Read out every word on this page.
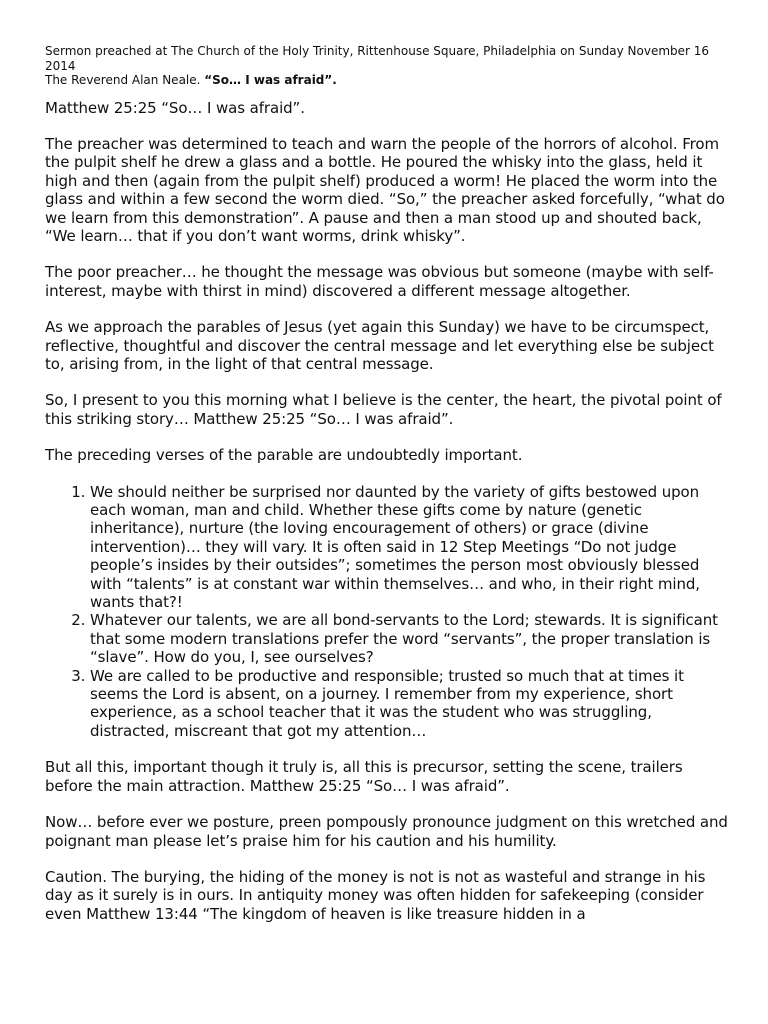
Sermon preached at The Church of the Holy Trinity, Rittenhouse Square, Philadelphia on Sunday November 16 2014
The Reverend Alan Neale. “So… I was afraid”.

Matthew 25:25 “So… I was afraid”.

The preacher was determined to teach and warn the people of the horrors of alcohol. From the pulpit shelf he drew a glass and a bottle. He poured the whisky into the glass, held it high and then (again from the pulpit shelf) produced a worm! He placed the worm into the glass and within a few second the worm died. “So,” the preacher asked forcefully, “what do we learn from this demonstration”. A pause and then a man stood up and shouted back, “We learn… that if you don’t want worms, drink whisky”.

The poor preacher… he thought the message was obvious but someone (maybe with self-interest, maybe with thirst in mind) discovered a different message altogether.

As we approach the parables of Jesus (yet again this Sunday) we have to be circumspect, reflective, thoughtful and discover the central message and let everything else be subject to, arising from, in the light of that central message.

So, I present to you this morning what I believe is the center, the heart, the pivotal point of this striking story… Matthew 25:25 “So… I was afraid”.

The preceding verses of the parable are undoubtedly important.

1. We should neither be surprised nor daunted by the variety of gifts bestowed upon each woman, man and child. Whether these gifts come by nature (genetic inheritance), nurture (the loving encouragement of others) or grace (divine intervention)… they will vary. It is often said in 12 Step Meetings “Do not judge people’s insides by their outsides”; sometimes the person most obviously blessed with “talents” is at constant war within themselves… and who, in their right mind, wants that?!
2. Whatever our talents, we are all bond-servants to the Lord; stewards. It is significant that some modern translations prefer the word “servants”, the proper translation is “slave”. How do you, I, see ourselves?
3. We are called to be productive and responsible; trusted so much that at times it seems the Lord is absent, on a journey. I remember from my experience, short experience, as a school teacher that it was the student who was struggling, distracted, miscreant that got my attention…

But all this, important though it truly is, all this is precursor, setting the scene, trailers before the main attraction. Matthew 25:25 “So… I was afraid”.

Now… before ever we posture, preen pompously pronounce judgment on this wretched and poignant man please let’s praise him for his caution and his humility.

Caution. The burying, the hiding of the money is not is not as wasteful and strange in his day as it surely is in ours. In antiquity money was often hidden for safekeeping (consider even Matthew 13:44 “The kingdom of heaven is like treasure hidden in a
